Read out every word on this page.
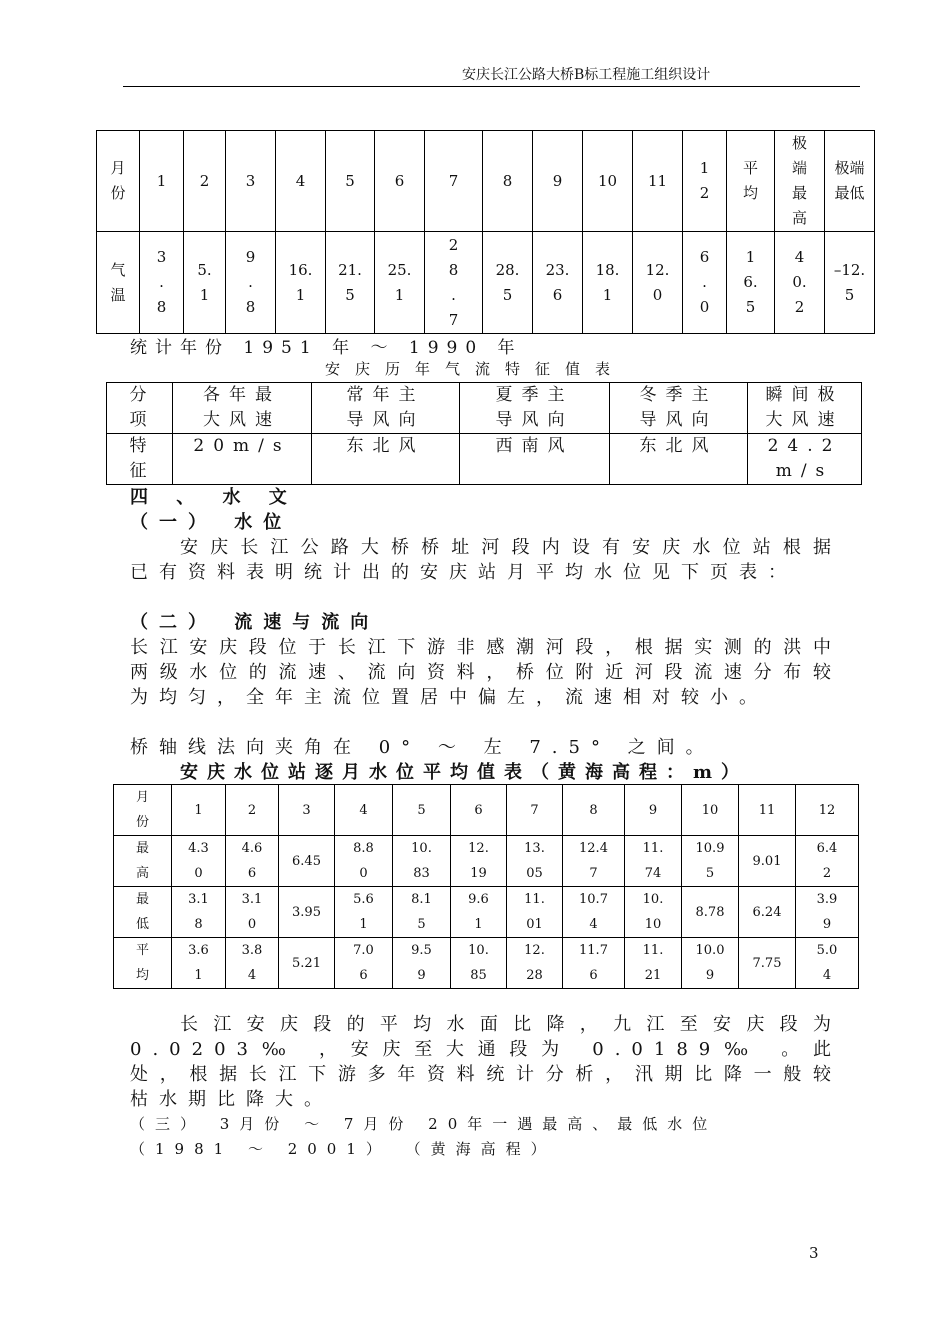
安庆长江公路大桥B标工程施工组织设计
月份	1	2	3	4	5	6	7	8	9	10	11	12	平均	极端最高	极端最低

气温	3.8	5.1	9.8	16.1	21.5	25.1	28.7	28.5	23.6	18.1	12.0	6.0	16.5	40.2	–12.5
统计年份 1951 年 ～ 1990 年
安庆历年气流特征值表
分项	各年最大风速	常年主导风向	夏季主导风向	冬季主导风向	瞬间极大风速

特征	20m/s	东北风	西南风	东北风	24.2m/s
四 、 水 文
（一） 水位
安庆长江公路大桥桥址河段内设有安庆水位站根据已有资料表明统计出的安庆站月平均水位见下页表：
（二） 流速与流向
长江安庆段位于长江下游非感潮河段，根据实测的洪中两级水位的流速、流向资料，桥位附近河段流速分布较为均匀，全年主流位置居中偏左，流速相对较小。
桥轴线法向夹角在 0° ～ 左 7.5° 之间。
安庆水位站逐月水位平均值表（黄海高程：m）
月份	1	2	3	4	5	6	7	8	9	10	11	12

最高	4.30	4.66	6.45	8.80	10.83	12.19	13.05	12.47	11.74	10.95	9.01	6.42

最低	3.18	3.10	3.95	5.61	8.15	9.61	11.01	10.74	10.10	8.78	6.24	3.99

平均	3.61	3.84	5.21	7.06	9.59	10.85	12.28	11.76	11.21	10.09	7.75	5.04
长江安庆段的平均水面比降，九江至安庆段为 0.0203‰ ，安庆至大通段为 0.0189‰ 。此处，根据长江下游多年资料统计分析，汛期比降一般较枯水期比降大。
（三） 3月份 ～ 7月份 20年一遇最高、最低水位
（1981 ～ 2001） （黄海高程）
3
